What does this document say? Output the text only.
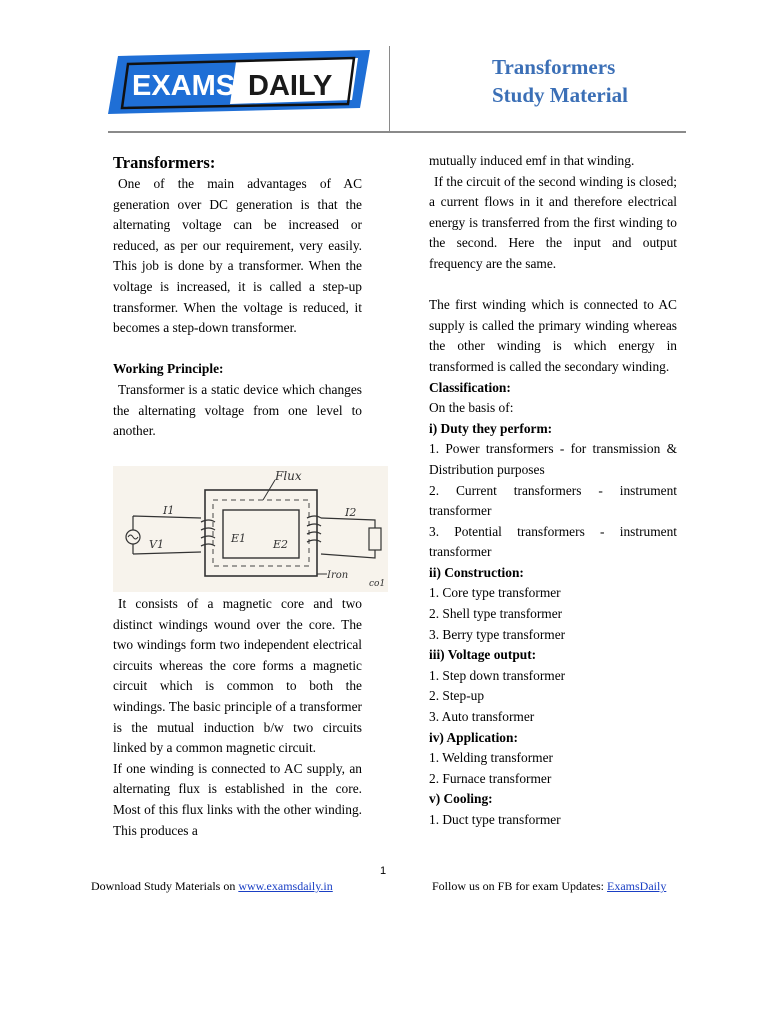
EXAMS DAILY
Transformers
Study Material
Transformers:

One of the main advantages of AC generation over DC generation is that the alternating voltage can be increased or reduced, as per our requirement, very easily. This job is done by a transformer. When the voltage is increased, it is called a step-up transformer. When the voltage is reduced, it becomes a step-down transformer.

Working Principle:

Transformer is a static device which changes the alternating voltage from one level to another.

Flux
V1
I1	I2
E1 E2
Iron
co1

It consists of a magnetic core and two distinct windings wound over the core. The two windings form two independent electrical circuits whereas the core forms a magnetic circuit which is common to both the windings. The basic principle of a transformer is the mutual induction b/w two circuits linked by a common magnetic circuit.

If one winding is connected to AC supply, an alternating flux is established in the core. Most of this flux links with the other winding. This produces a

mutually induced emf in that winding.

If the circuit of the second winding is closed; a current flows in it and therefore electrical energy is transferred from the first winding to the second. Here the input and output frequency are the same.

The first winding which is connected to AC supply is called the primary winding whereas the other winding is which energy in transformed is called the secondary winding.

Classification:

On the basis of:

i) Duty they perform:

1. Power transformers - for transmission & Distribution purposes

2. Current transformers - instrument transformer

3. Potential transformers - instrument transformer

ii) Construction:

1. Core type transformer

2. Shell type transformer

3. Berry type transformer

iii) Voltage output:

1. Step down transformer

2. Step-up

3. Auto transformer

iv) Application:

1. Welding transformer

2. Furnace transformer

v) Cooling:

1. Duct type transformer

1
Download Study Materials on www.examsdaily.in	Follow us on FB for exam Updates: ExamsDaily
